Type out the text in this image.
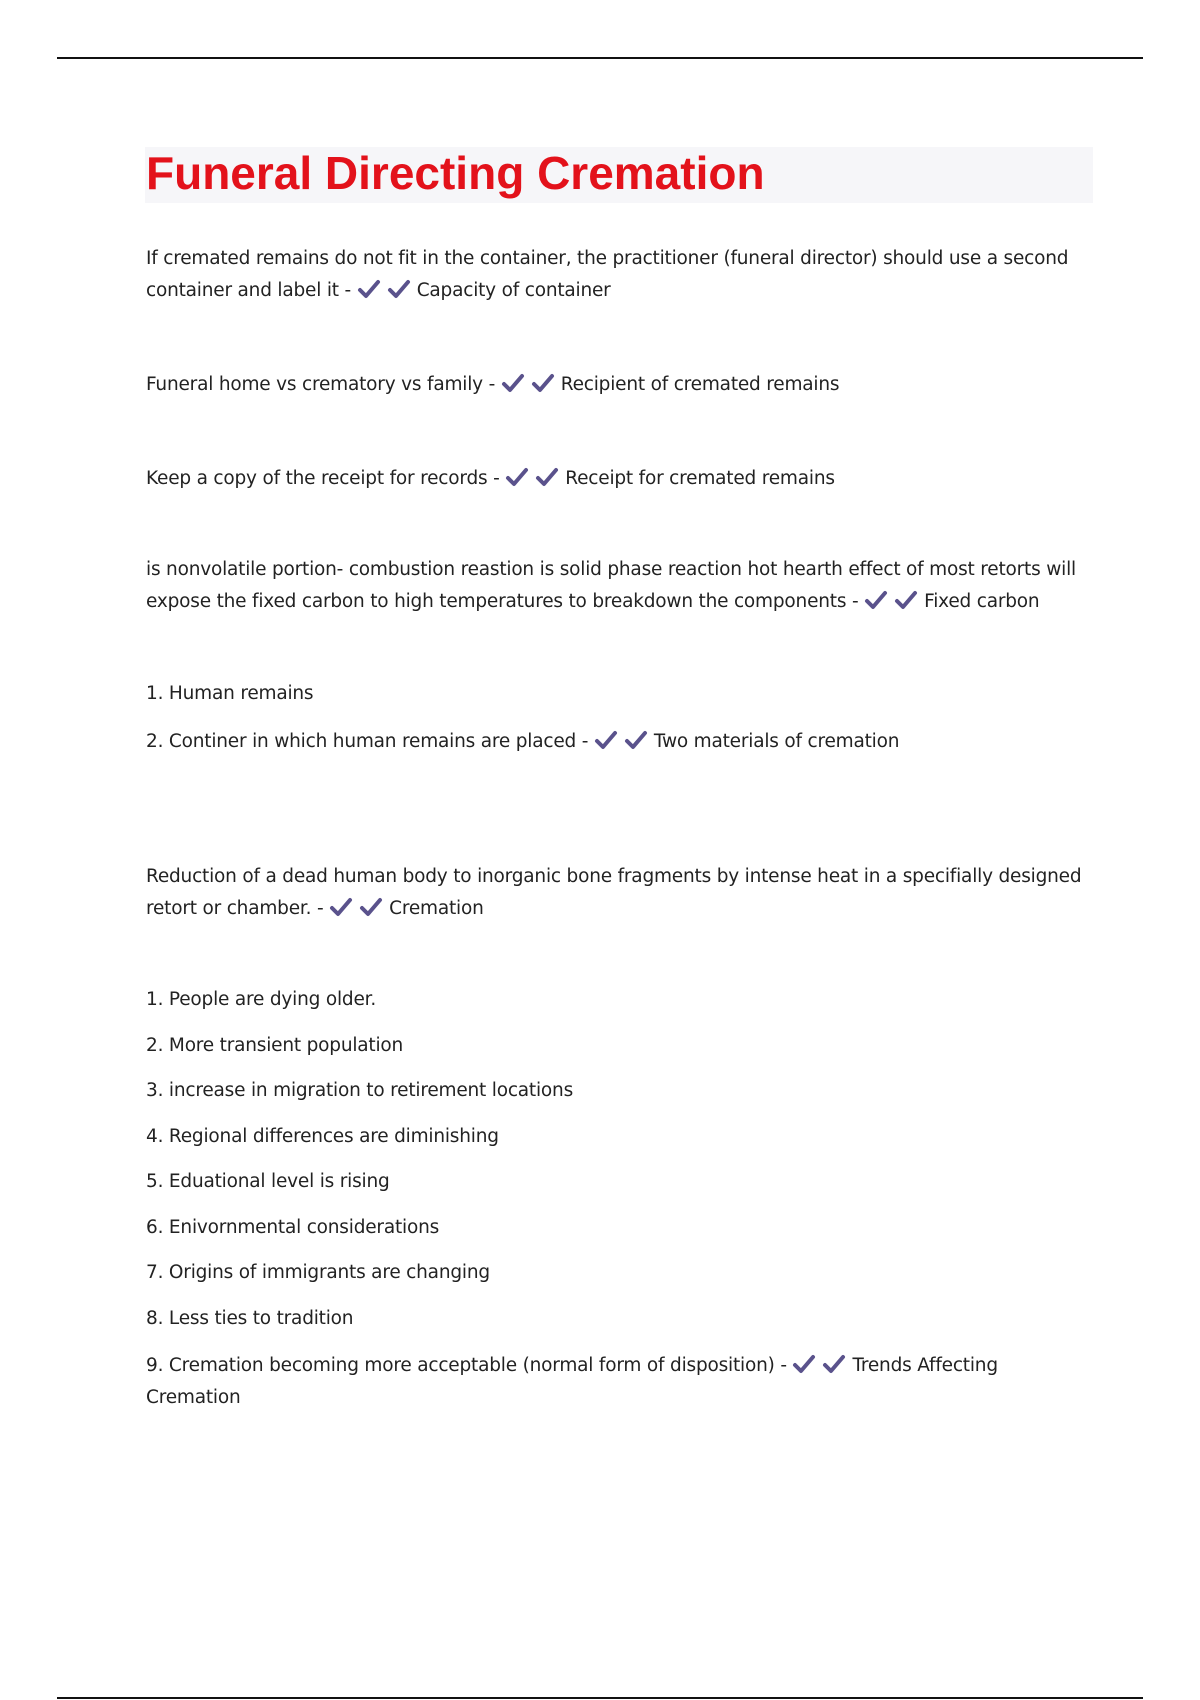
Funeral Directing Cremation

If cremated remains do not fit in the container, the practitioner (funeral director) should use a second container and label it -	Capacity of container

Funeral home vs crematory vs family -	Recipient of cremated remains

Keep a copy of the receipt for records -	Receipt for cremated remains

is nonvolatile portion- combustion reastion is solid phase reaction hot hearth effect of most retorts will expose the fixed carbon to high temperatures to breakdown the components -	Fixed carbon

1. Human remains

2. Continer in which human remains are placed -	Two materials of cremation

Reduction of a dead human body to inorganic bone fragments by intense heat in a specifially designed retort or chamber. -	Cremation

1. People are dying older.

2. More transient population

3. increase in migration to retirement locations

4. Regional differences are diminishing

5. Eduational level is rising

6. Enivornmental considerations

7. Origins of immigrants are changing

8. Less ties to tradition

9. Cremation becoming more acceptable (normal form of disposition) -	Trends Affecting Cremation
